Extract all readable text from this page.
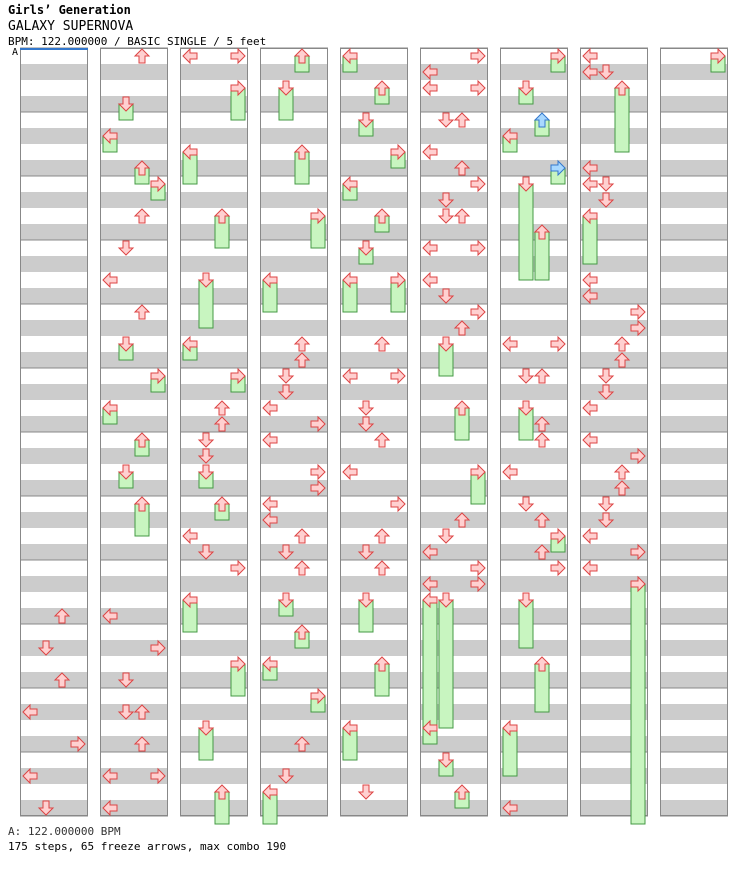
Girls’ Generation
GALAXY SUPERNOVA
BPM: 122.000000 / BASIC SINGLE / 5 feet
A
A: 122.000000 BPM
175 steps, 65 freeze arrows, max combo 190
